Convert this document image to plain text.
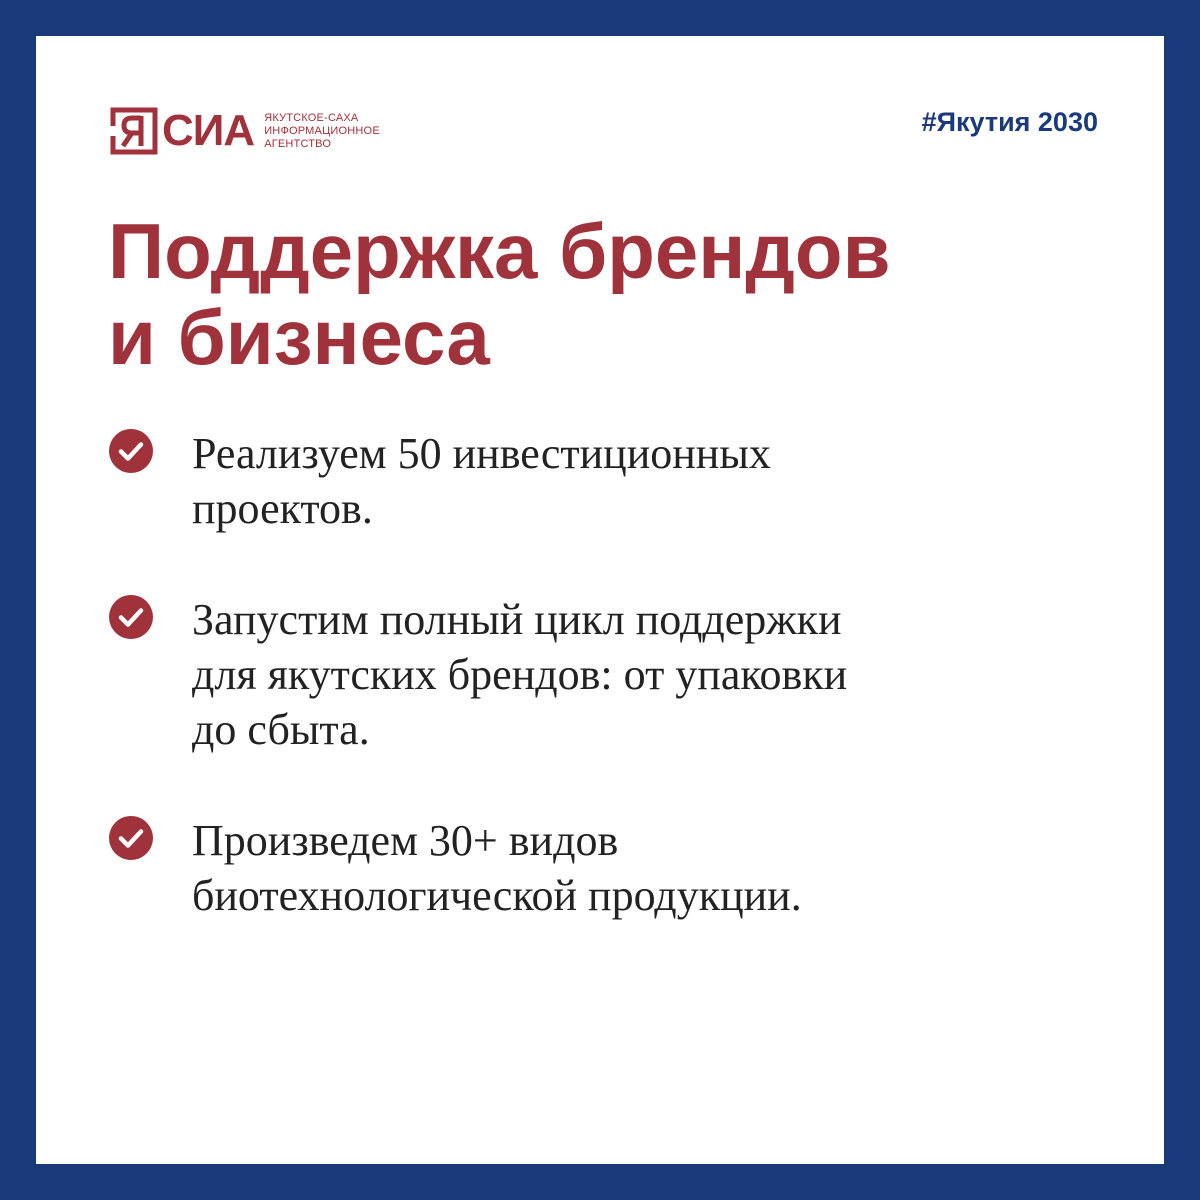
СИА ЯКУТСКОЕ-САХА
ИНФОРМАЦИОННОЕ
АГЕНТСТВО
#Якутия 2030
Поддержка брендов
и бизнеса
Реализуем 50 инвестиционных
проектов.
Запустим полный цикл поддержки
для якутских брендов: от упаковки
до сбыта.
Произведем 30+ видов
биотехнологической продукции.
